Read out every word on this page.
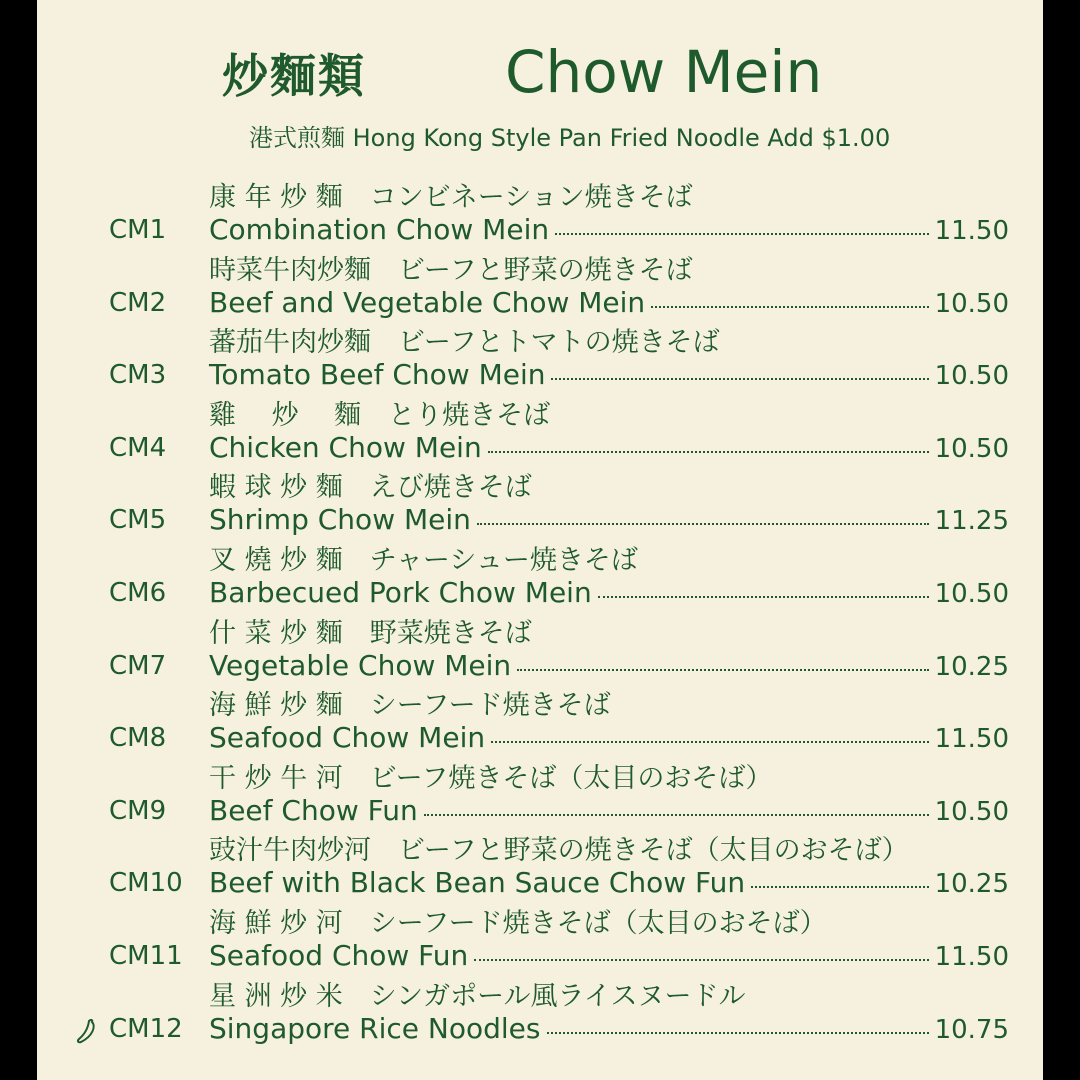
炒麵類 Chow Mein
港式煎麵 Hong Kong Style Pan Fried Noodle Add $1.00
康 年 炒 麵　コンビネーション焼きそば
CM1 Combination Chow Mein	11.50
時菜牛肉炒麵　ビーフと野菜の焼きそば
CM2 Beef and Vegetable Chow Mein	10.50
蕃茄牛肉炒麵　ビーフとトマトの焼きそば
CM3 Tomato Beef Chow Mein	10.50
雞　 炒　 麵　とり焼きそば
CM4 Chicken Chow Mein	10.50
蝦 球 炒 麵　えび焼きそば
CM5 Shrimp Chow Mein	11.25
叉 燒 炒 麵　チャーシュー焼きそば
CM6 Barbecued Pork Chow Mein	10.50
什 菜 炒 麵　野菜焼きそば
CM7 Vegetable Chow Mein	10.25
海 鮮 炒 麵　シーフード焼きそば
CM8 Seafood Chow Mein	11.50
干 炒 牛 河　ビーフ焼きそば（太目のおそば）
CM9 Beef Chow Fun	10.50
豉汁牛肉炒河　ビーフと野菜の焼きそば（太目のおそば）
CM10 Beef with Black Bean Sauce Chow Fun	10.25
海 鮮 炒 河　シーフード焼きそば（太目のおそば）
CM11 Seafood Chow Fun	11.50
星 洲 炒 米　シンガポール風ライスヌードル
CM12 Singapore Rice Noodles	10.75
